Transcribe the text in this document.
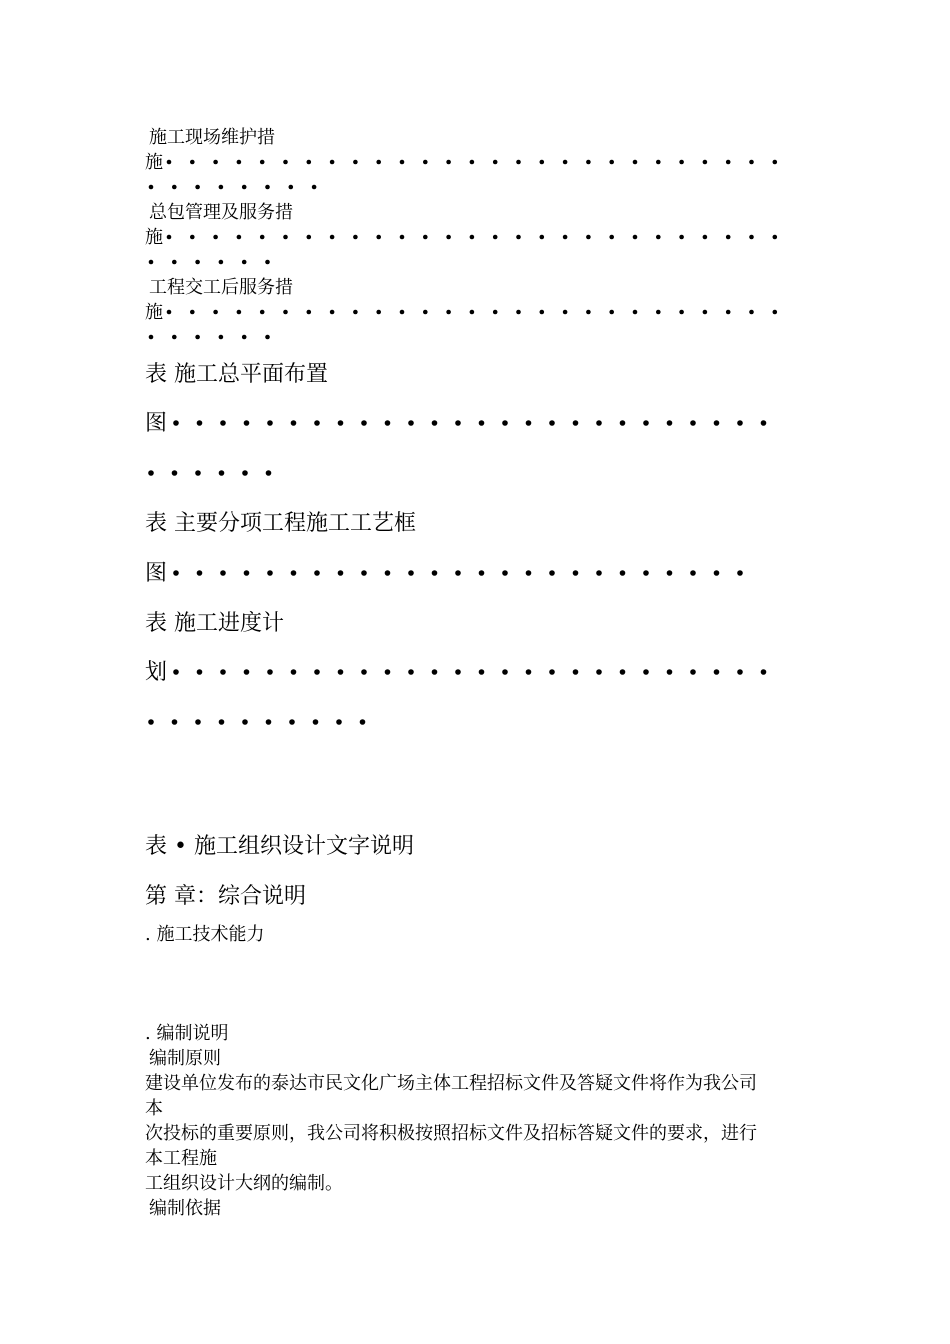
施工现场维护措
施
总包管理及服务措
施
工程交工后服务措
施
表 施工总平面布置
图
表 主要分项工程施工工艺框
图
表 施工进度计
划
表 • 施工组织设计文字说明
第 章：综合说明
. 施工技术能力
. 编制说明
编制原则
建设单位发布的泰达市民文化广场主体工程招标文件及答疑文件将作为我公司
本
次投标的重要原则，我公司将积极按照招标文件及招标答疑文件的要求，进行
本工程施
工组织设计大纲的编制。
编制依据
